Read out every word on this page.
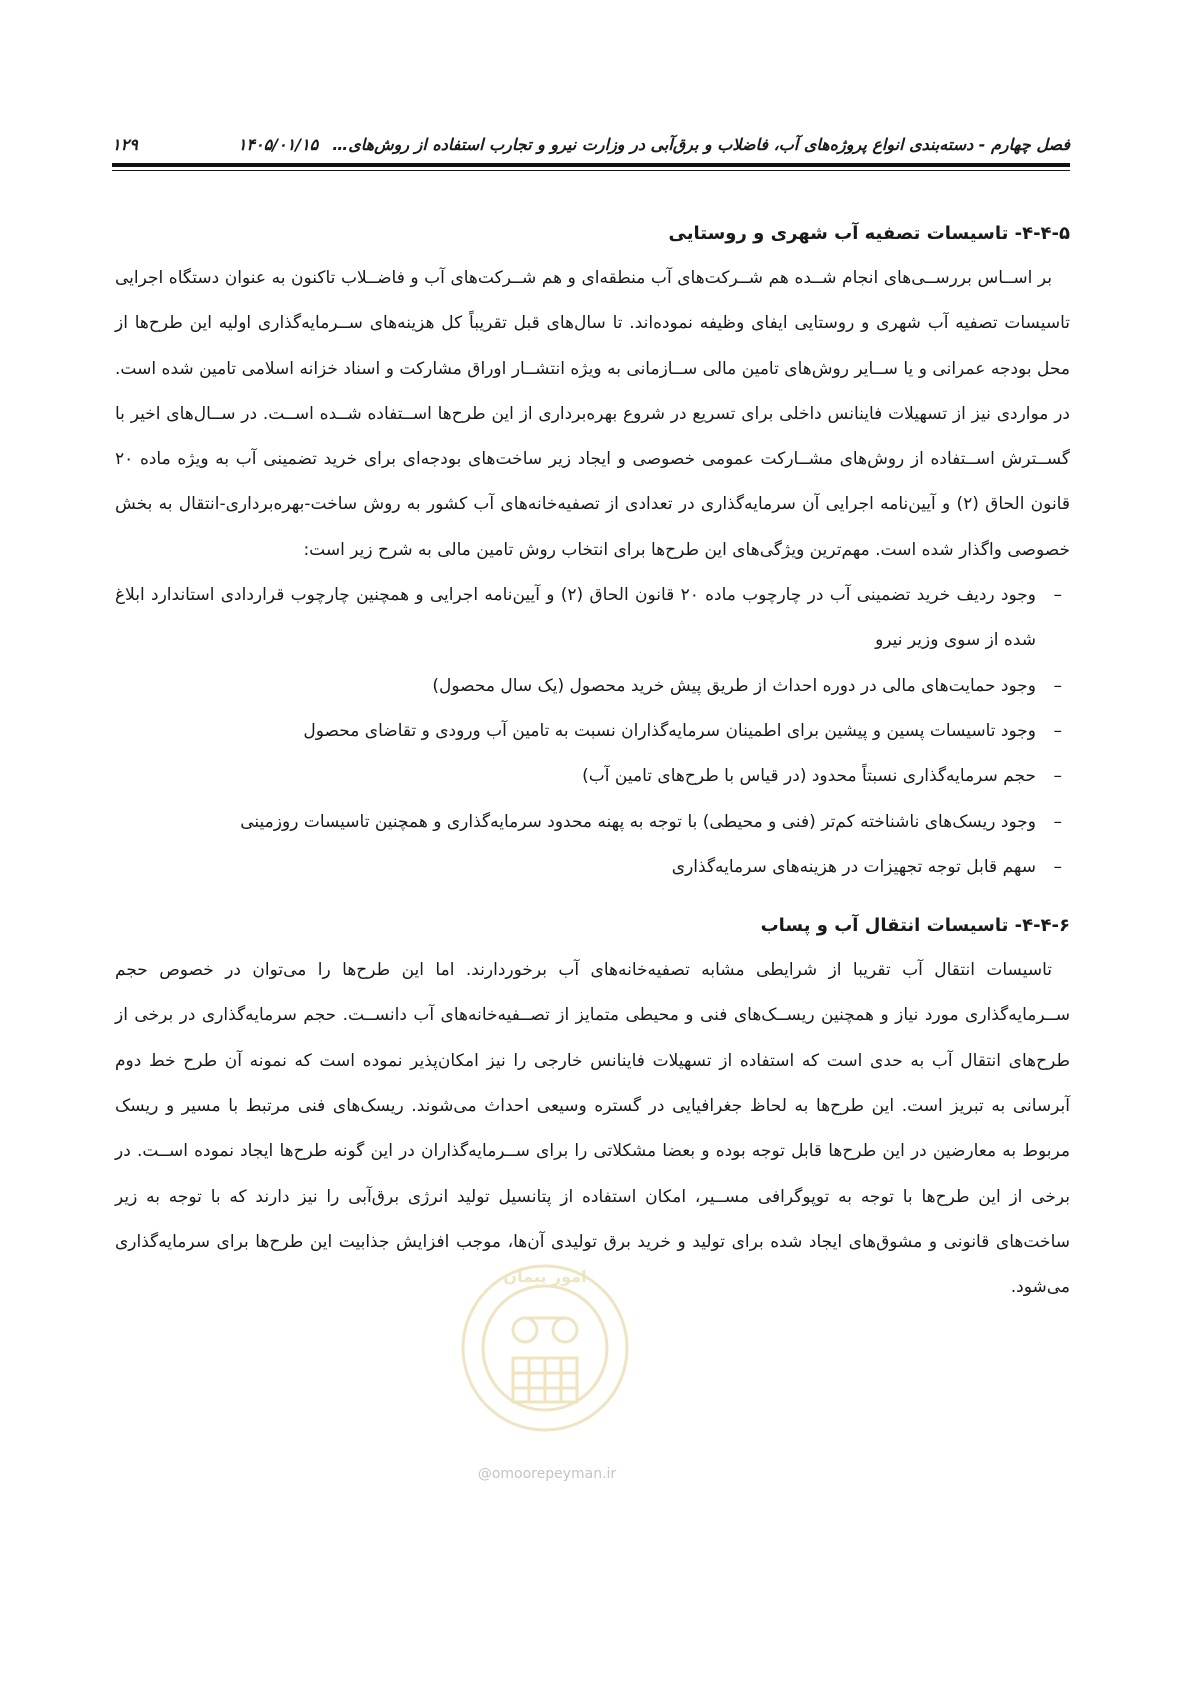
فصل چهارم - دسته‌بندی انواع پروژه‌های آب، فاضلاب و برق‌آبی در وزارت نیرو و تجارب استفاده از روش‌های…۱۴۰۵/۰۱/۱۵
۱۲۹
۴-۴-۵- تاسیسات تصفیه آب شهری و روستایی

بر اســاس بررســی‌های انجام شــده هم شــرکت‌های آب منطقه‌ای و هم شــرکت‌های آب و فاضــلاب تاکنون به عنوان دستگاه اجرایی تاسیسات تصفیه آب شهری و روستایی ایفای وظیفه نموده‌اند. تا سال‌های قبل تقریباً کل هزینه‌های ســرمایه‌گذاری اولیه این طرح‌ها از محل بودجه عمرانی و یا ســایر روش‌های تامین مالی ســازمانی به ویژه انتشــار اوراق مشارکت و اسناد خزانه اسلامی تامین شده است. در مواردی نیز از تسهیلات فاینانس داخلی برای تسریع در شروع بهره‌برداری از این طرح‌ها اســتفاده شــده اســت. در ســال‌های اخیر با گســترش اســتفاده از روش‌های مشــارکت عمومی خصوصی و ایجاد زیر ساخت‌های بودجه‌ای برای خرید تضمینی آب به ویژه ماده ۲۰ قانون الحاق (۲) و آیین‌نامه اجرایی آن سرمایه‌گذاری در تعدادی از تصفیه‌خانه‌های آب کشور به روش ساخت-بهره‌برداری-انتقال به بخش خصوصی واگذار شده است. مهم‌ترین ویژگی‌های این طرح‌ها برای انتخاب روش تامین مالی به شرح زیر است:

–
وجود ردیف خرید تضمینی آب در چارچوب ماده ۲۰ قانون الحاق (۲) و آیین‌نامه اجرایی و همچنین چارچوب قراردادی استاندارد ابلاغ شده از سوی وزیر نیرو
–
وجود حمایت‌های مالی در دوره احداث از طریق پیش خرید محصول (یک سال محصول)
–
وجود تاسیسات پسین و پیشین برای اطمینان سرمایه‌گذاران نسبت به تامین آب ورودی و تقاضای محصول
–
حجم سرمایه‌گذاری نسبتاً محدود (در قیاس با طرح‌های تامین آب)
–
وجود ریسک‌های ناشناخته کم‌تر (فنی و محیطی) با توجه به پهنه محدود سرمایه‌گذاری و همچنین تاسیسات روزمینی
–
سهم قابل توجه تجهیزات در هزینه‌های سرمایه‌گذاری
۴-۴-۶- تاسیسات انتقال آب و پساب

تاسیسات انتقال آب تقریبا از شرایطی مشابه تصفیه‌خانه‌های آب برخوردارند. اما این طرح‌ها را می‌توان در خصوص حجم ســرمایه‌گذاری مورد نیاز و همچنین ریســک‌های فنی و محیطی متمایز از تصــفیه‌خانه‌های آب دانســت. حجم سرمایه‌گذاری در برخی از طرح‌های انتقال آب به حدی است که استفاده از تسهیلات فاینانس خارجی را نیز امکان‌پذیر نموده است که نمونه آن طرح خط دوم آبرسانی به تبریز است. این طرح‌ها به لحاظ جغرافیایی در گستره وسیعی احداث می‌شوند. ریسک‌های فنی مرتبط با مسیر و ریسک مربوط به معارضین در این طرح‌ها قابل توجه بوده و بعضا مشکلاتی را برای ســرمایه‌گذاران در این گونه طرح‌ها ایجاد نموده اســت. در برخی از این طرح‌ها با توجه به توپوگرافی مســیر، امکان استفاده از پتانسیل تولید انرژی برق‌آبی را نیز دارند که با توجه به زیر ساخت‌های قانونی و مشوق‌های ایجاد شده برای تولید و خرید برق تولیدی آن‌ها، موجب افزایش جذابیت این طرح‌ها برای سرمایه‌گذاری می‌شود.

امور پیمان
@omoorepeyman.ir
